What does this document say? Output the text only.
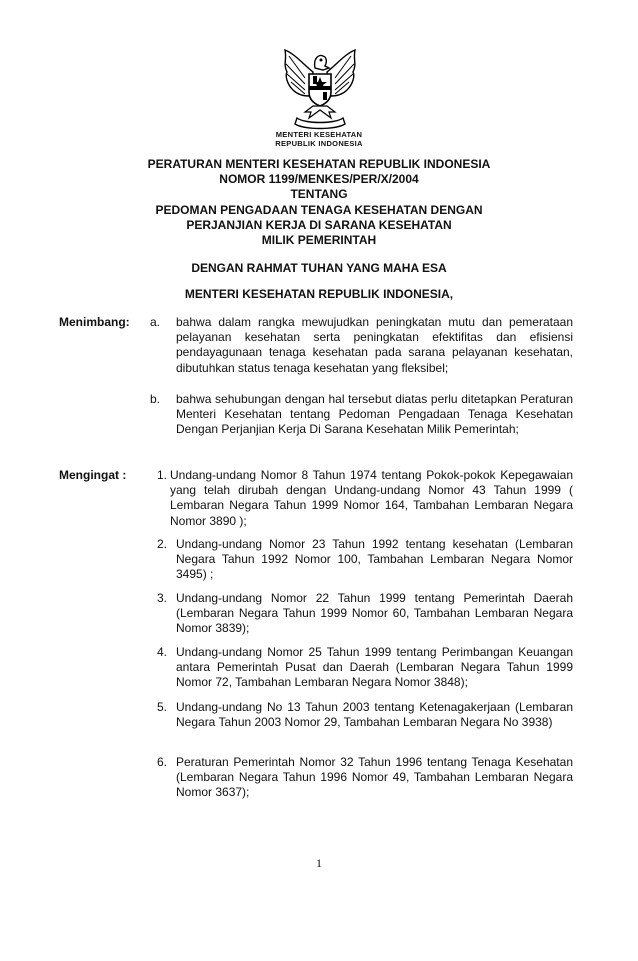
MENTERI KESEHATAN
REPUBLIK INDONESIA
PERATURAN MENTERI KESEHATAN REPUBLIK INDONESIA
NOMOR 1199/MENKES/PER/X/2004
TENTANG
PEDOMAN PENGADAAN TENAGA KESEHATAN DENGAN
PERJANJIAN KERJA DI SARANA KESEHATAN
MILIK PEMERINTAH
DENGAN RAHMAT TUHAN YANG MAHA ESA
MENTERI KESEHATAN REPUBLIK INDONESIA,
Menimbang: a. bahwa dalam rangka mewujudkan peningkatan mutu dan pemerataan pelayanan kesehatan serta peningkatan efektifitas dan efisiensi pendayagunaan tenaga kesehatan pada sarana pelayanan kesehatan, dibutuhkan status tenaga kesehatan yang fleksibel;
b. bahwa sehubungan dengan hal tersebut diatas perlu ditetapkan Peraturan Menteri Kesehatan tentang Pedoman Pengadaan Tenaga Kesehatan Dengan Perjanjian Kerja Di Sarana Kesehatan Milik Pemerintah;
Mengingat :	1. Undang-undang Nomor 8 Tahun 1974 tentang Pokok-pokok Kepegawaian yang telah dirubah dengan Undang-undang Nomor 43 Tahun 1999 ( Lembaran Negara Tahun 1999 Nomor 164, Tambahan Lembaran Negara Nomor 3890 );
2. Undang-undang Nomor 23 Tahun 1992 tentang kesehatan (Lembaran Negara Tahun 1992 Nomor 100, Tambahan Lembaran Negara Nomor 3495) ;
3. Undang-undang Nomor 22 Tahun 1999 tentang Pemerintah Daerah (Lembaran Negara Tahun 1999 Nomor 60, Tambahan Lembaran Negara Nomor 3839);
4. Undang-undang Nomor 25 Tahun 1999 tentang Perimbangan Keuangan antara Pemerintah Pusat dan Daerah (Lembaran Negara Tahun 1999 Nomor 72, Tambahan Lembaran Negara Nomor 3848);
5. Undang-undang No 13 Tahun 2003 tentang Ketenagakerjaan (Lembaran Negara Tahun 2003 Nomor 29, Tambahan Lembaran Negara No 3938)
6. Peraturan Pemerintah Nomor 32 Tahun 1996 tentang Tenaga Kesehatan (Lembaran Negara Tahun 1996 Nomor 49, Tambahan Lembaran Negara Nomor 3637);
1
